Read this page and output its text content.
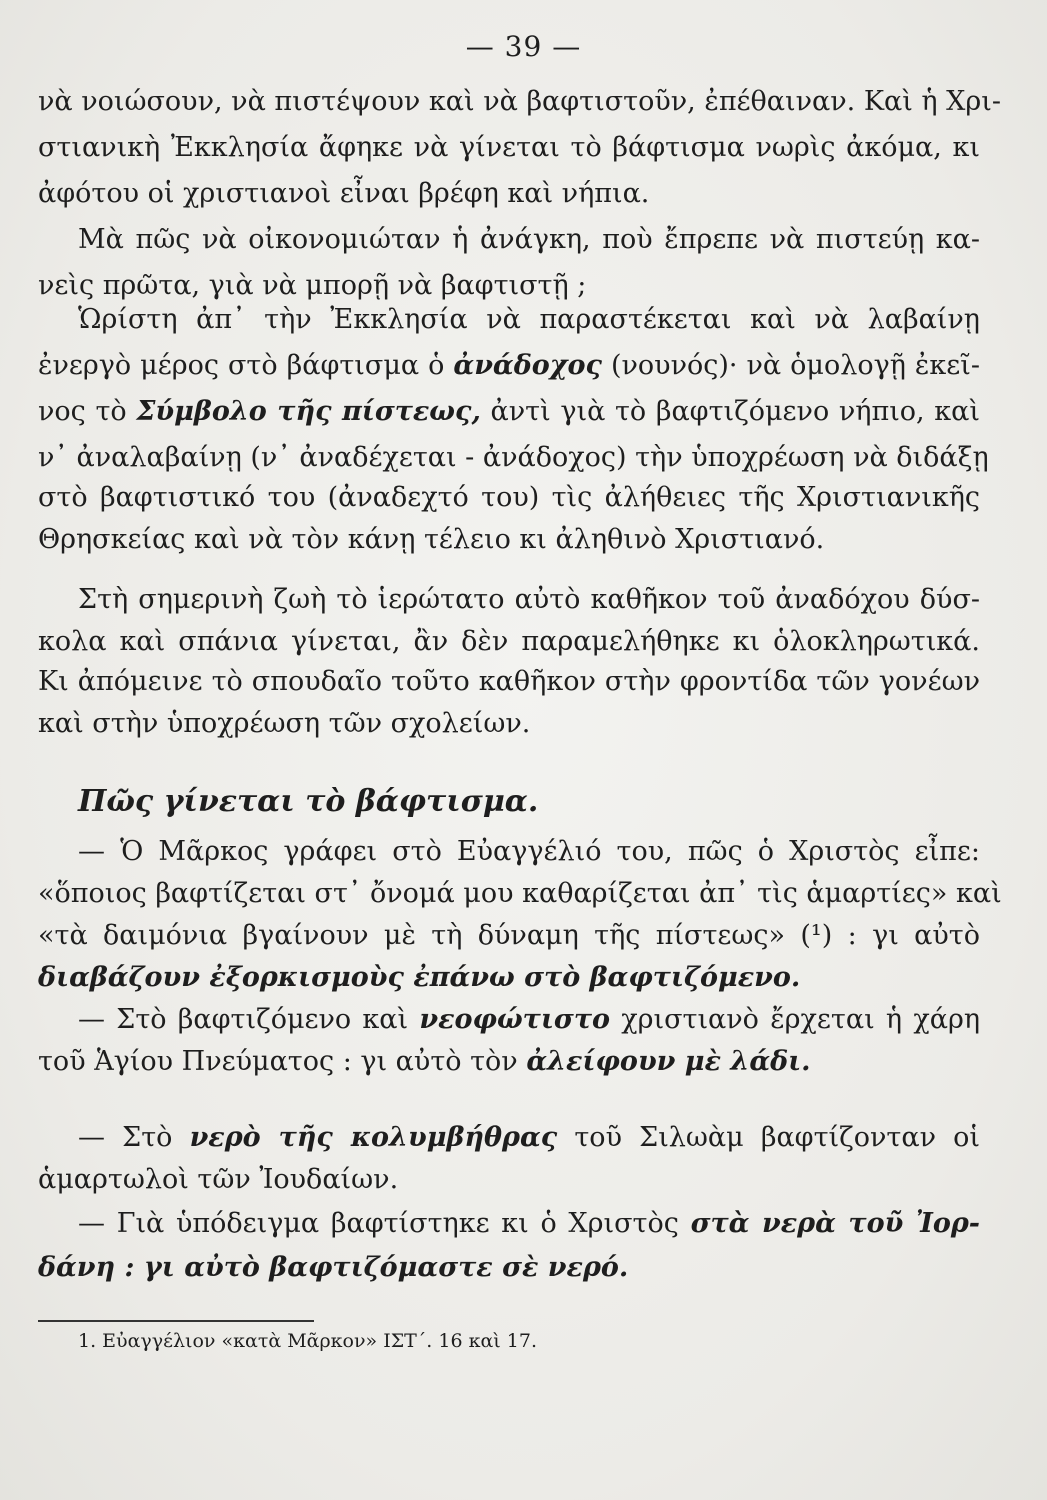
— 39 —
νὰ νοιώσουν, νὰ πιστέψουν καὶ νὰ βαφτιστοῦν, ἐπέθαιναν. Καὶ ἡ Χρι-
στιανικὴ Ἐκκλησία ἄφηκε νὰ γίνεται τὸ βάφτισμα νωρὶς ἀκόμα, κι
ἀφότου οἱ χριστιανοὶ εἶναι βρέφη καὶ νήπια.
Μὰ πῶς νὰ οἰκονομιώταν ἡ ἀνάγκη, ποὺ ἔπρεπε νὰ πιστεύῃ κα-
νεὶς πρῶτα, γιὰ νὰ μπορῇ νὰ βαφτιστῇ ;
Ὡρίστη ἀπ᾽ τὴν Ἐκκλησία νὰ παραστέκεται καὶ νὰ λαβαίνῃ
ἐνεργὸ μέρος στὸ βάφτισμα ὁ ἀνάδοχος (νουνός)· νὰ ὁμολογῇ ἐκεῖ-
νος τὸ Σύμβολο τῆς πίστεως, ἀντὶ γιὰ τὸ βαφτιζόμενο νήπιο, καὶ
ν᾽ ἀναλαβαίνῃ (ν᾽ ἀναδέχεται - ἀνάδοχος) τὴν ὑποχρέωση νὰ διδάξῃ
στὸ βαφτιστικό του (ἀναδεχτό του) τὶς ἀλήθειες τῆς Χριστιανικῆς
Θρησκείας καὶ νὰ τὸν κάνῃ τέλειο κι ἀληθινὸ Χριστιανό.
Στὴ σημερινὴ ζωὴ τὸ ἱερώτατο αὐτὸ καθῆκον τοῦ ἀναδόχου δύσ-
κολα καὶ σπάνια γίνεται, ἂν δὲν παραμελήθηκε κι ὁλοκληρωτικά.
Κι ἀπόμεινε τὸ σπουδαῖο τοῦτο καθῆκον στὴν φροντίδα τῶν γονέων
καὶ στὴν ὑποχρέωση τῶν σχολείων.
— Ὁ Μᾶρκος γράφει στὸ Εὐαγγέλιό του, πῶς ὁ Χριστὸς εἶπε:
«ὅποιος βαφτίζεται στ᾽ ὄνομά μου καθαρίζεται ἀπ᾽ τὶς ἁμαρτίες» καὶ
«τὰ δαιμόνια βγαίνουν μὲ τὴ δύναμη τῆς πίστεως» (¹) : γι αὐτὸ
διαβάζουν ἐξορκισμοὺς ἐπάνω στὸ βαφτιζόμενο.
— Στὸ βαφτιζόμενο καὶ νεοφώτιστο χριστιανὸ ἔρχεται ἡ χάρη
τοῦ Ἁγίου Πνεύματος : γι αὐτὸ τὸν ἀλείφουν μὲ λάδι.
— Στὸ νερὸ τῆς κολυμβήθρας τοῦ Σιλωὰμ βαφτίζονταν οἱ
ἁμαρτωλοὶ τῶν Ἰουδαίων.
— Γιὰ ὑπόδειγμα βαφτίστηκε κι ὁ Χριστὸς στὰ νερὰ τοῦ Ἰορ-
δάνη : γι αὐτὸ βαφτιζόμαστε σὲ νερό.
Πῶς γίνεται τὸ βάφτισμα.
1. Εὐαγγέλιον «κατὰ Μᾶρκον» ΙΣΤ΄. 16 καὶ 17.
